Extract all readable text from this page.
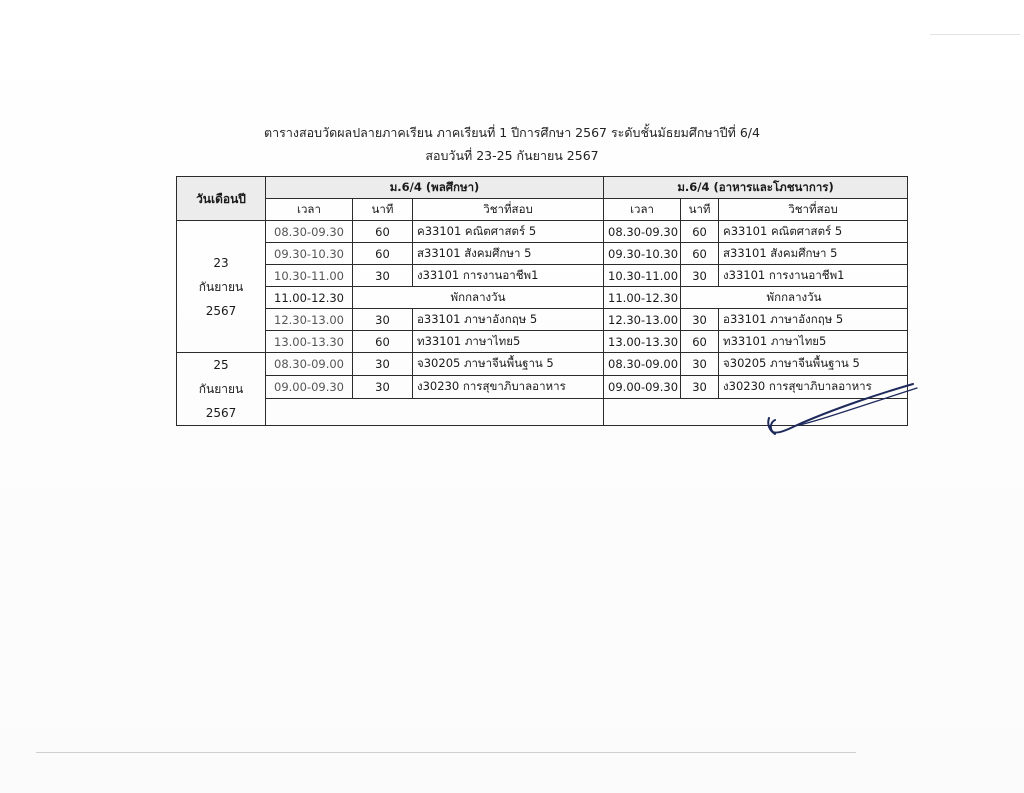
ตารางสอบวัดผลปลายภาคเรียน ภาคเรียนที่ 1 ปีการศึกษา 2567 ระดับชั้นมัธยมศึกษาปีที่ 6/4
สอบวันที่ 23-25 กันยายน 2567
วันเดือนปี	ม.6/4 (พลศึกษา)			ม.6/4 (อาหารและโภชนาการ)		
	เวลา	นาที	วิชาที่สอบ	เวลา	นาที	วิชาที่สอบ

23
กันยายน
2567	08.30-09.30	60	ค33101 คณิตศาสตร์ 5	08.30-09.30	60	ค33101 คณิตศาสตร์ 5
	09.30-10.30	60	ส33101 สังคมศึกษา 5	09.30-10.30	60	ส33101 สังคมศึกษา 5
	10.30-11.00	30	ง33101 การงานอาชีพ1	10.30-11.00	30	ง33101 การงานอาชีพ1
	11.00-12.30	พักกลางวัน		11.00-12.30	พักกลางวัน	
	12.30-13.00	30	อ33101 ภาษาอังกฤษ 5	12.30-13.00	30	อ33101 ภาษาอังกฤษ 5
	13.00-13.30	60	ท33101 ภาษาไทย5	13.00-13.30	60	ท33101 ภาษาไทย5

25
กันยายน
2567	08.30-09.00	30	จ30205 ภาษาจีนพื้นฐาน 5	08.30-09.00	30	จ30205 ภาษาจีนพื้นฐาน 5
	09.00-09.30	30	ง30230 การสุขาภิบาลอาหาร	09.00-09.30	30	ง30230 การสุขาภิบาลอาหาร
